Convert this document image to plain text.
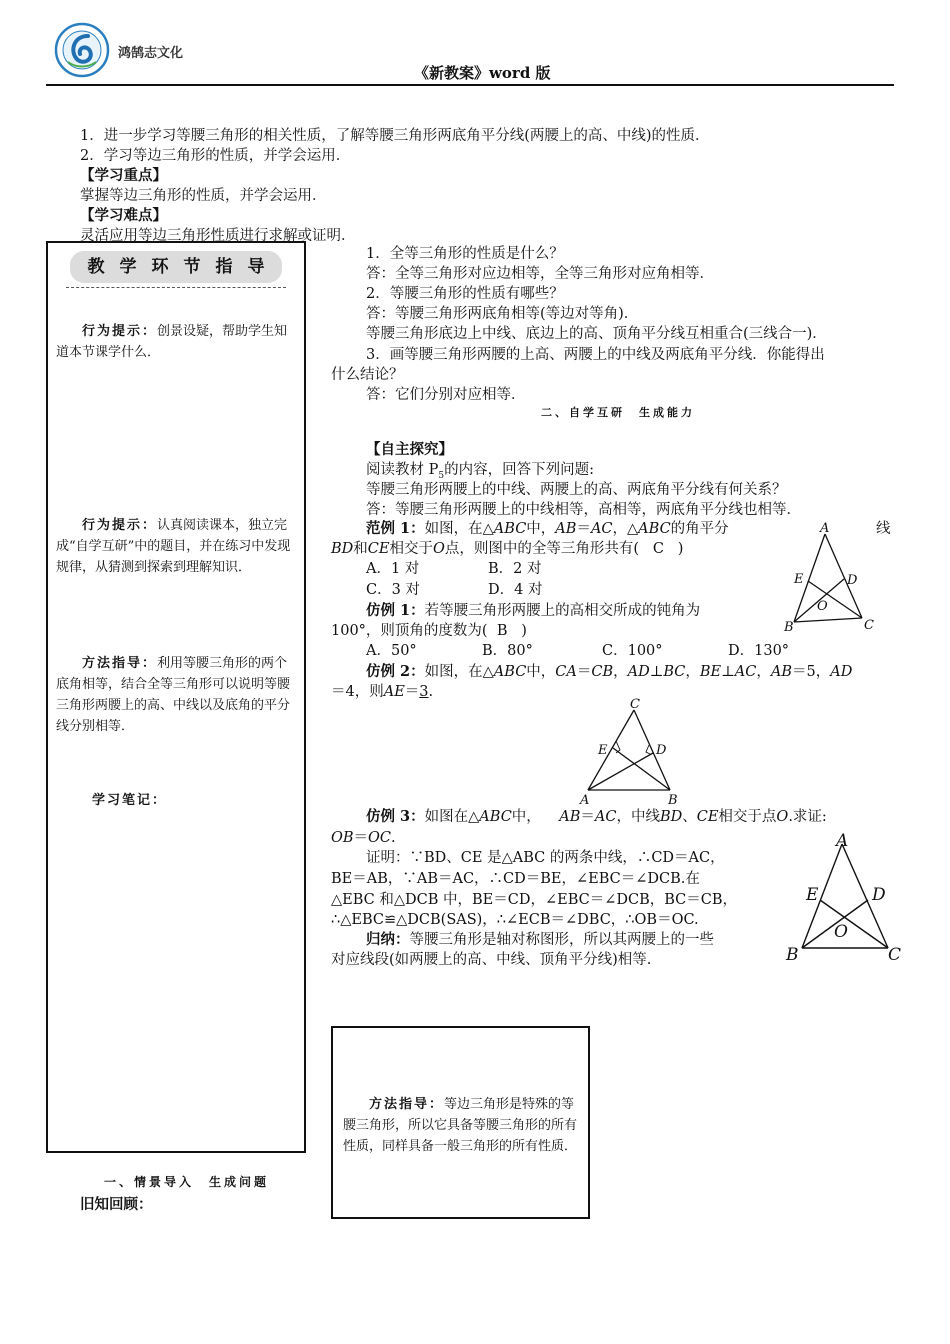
鸿鹄志文化
《新教案》word 版
1．进一步学习等腰三角形的相关性质，了解等腰三角形两底角平分线(两腰上的高、中线)的性质．
2．学习等边三角形的性质，并学会运用．
【学习重点】
掌握等边三角形的性质，并学会运用．
【学习难点】
灵活应用等边三角形性质进行求解或证明．
教 学 环 节 指 导
行为提示：创景设疑，帮助学生知道本节课学什么．
行为提示：认真阅读课本，独立完成“自学互研”中的题目，并在练习中发现规律，从猜测到探索到理解知识．
方法指导：利用等腰三角形的两个底角相等，结合全等三角形可以说明等腰三角形两腰上的高、中线以及底角的平分线分别相等．
学习笔记：
一、情景导入　生成问题
旧知回顾：
1．全等三角形的性质是什么？
答：全等三角形对应边相等，全等三角形对应角相等．
2．等腰三角形的性质有哪些？
答：等腰三角形两底角相等(等边对等角)．
等腰三角形底边上中线、底边上的高、顶角平分线互相重合(三线合一)．
3．画等腰三角形两腰的上高、两腰上的中线及两底角平分线．你能得出
什么结论？
答：它们分别对应相等．
二、自学互研　生成能力
【自主探究】
阅读教材 $P_5$的内容，回答下列问题:
等腰三角形两腰上的中线、两腰上的高、两底角平分线有何关系？
答：等腰三角形两腰上的中线相等，高相等，两底角平分线也相等．
范例 1：如图，在△ABC中，AB＝AC，△ABC的角平分	线
BD和CE相交于O点，则图中的全等三角形共有( C )
A．1 对	B．2 对
C．3 对	D．4 对
A
E	D
O
B	C
仿例 1：若等腰三角形两腰上的高相交所成的钝角为
100°，则顶角的度数为( B )
A．50°	B．80°	C．100°	D．130°
仿例 2：如图，在△ABC中，CA＝CB，AD⊥BC，BE⊥AC，AB＝5，AD
＝4，则AE＝3.
C
E	D
A	B
仿例 3：如图在△ABC中， AB＝AC，中线BD、CE相交于点O.求证:
OB＝OC.
证明：∵BD、CE 是△ABC 的两条中线，∴CD＝AC，
BE＝AB，∵AB＝AC，∴CD＝BE，∠EBC＝∠DCB.在
△EBC 和△DCB 中，BE＝CD，∠EBC＝∠DCB，BC＝CB，
∴△EBC≌△DCB(SAS)，∴∠ECB＝∠DBC，∴OB＝OC.
A
E	D
O
B	C
归纳：等腰三角形是轴对称图形，所以其两腰上的一些
对应线段(如两腰上的高、中线、顶角平分线)相等.
方法指导：等边三角形是特殊的等腰三角形，所以它具备等腰三角形的所有性质，同样具备一般三角形的所有性质．
